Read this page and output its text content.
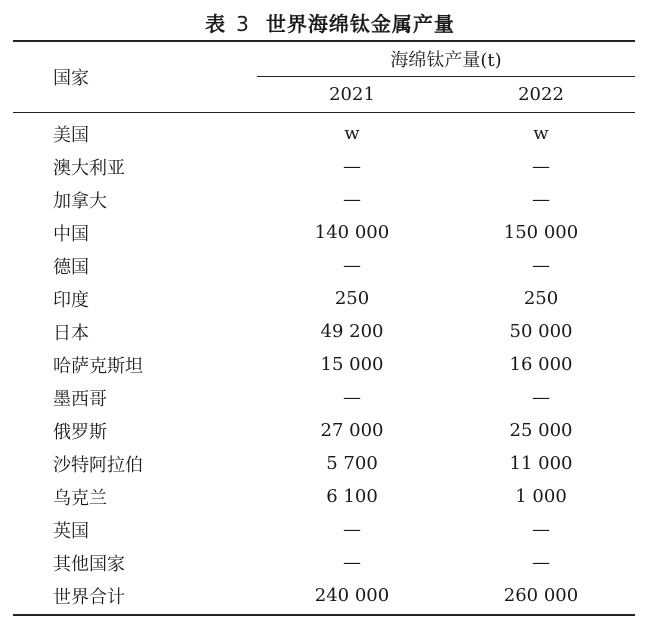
表 3 世界海绵钛金属产量
国家	海绵钛产量(t)	
	2021	2022
美国	w	w
澳大利亚	—	—
加拿大	—	—
中国	140 000	150 000
德国	—	—
印度	250	250
日本	49 200	50 000
哈萨克斯坦	15 000	16 000
墨西哥	—	—
俄罗斯	27 000	25 000
沙特阿拉伯	5 700	11 000
乌克兰	6 100	1 000
英国	—	—
其他国家	—	—
世界合计	240 000	260 000
